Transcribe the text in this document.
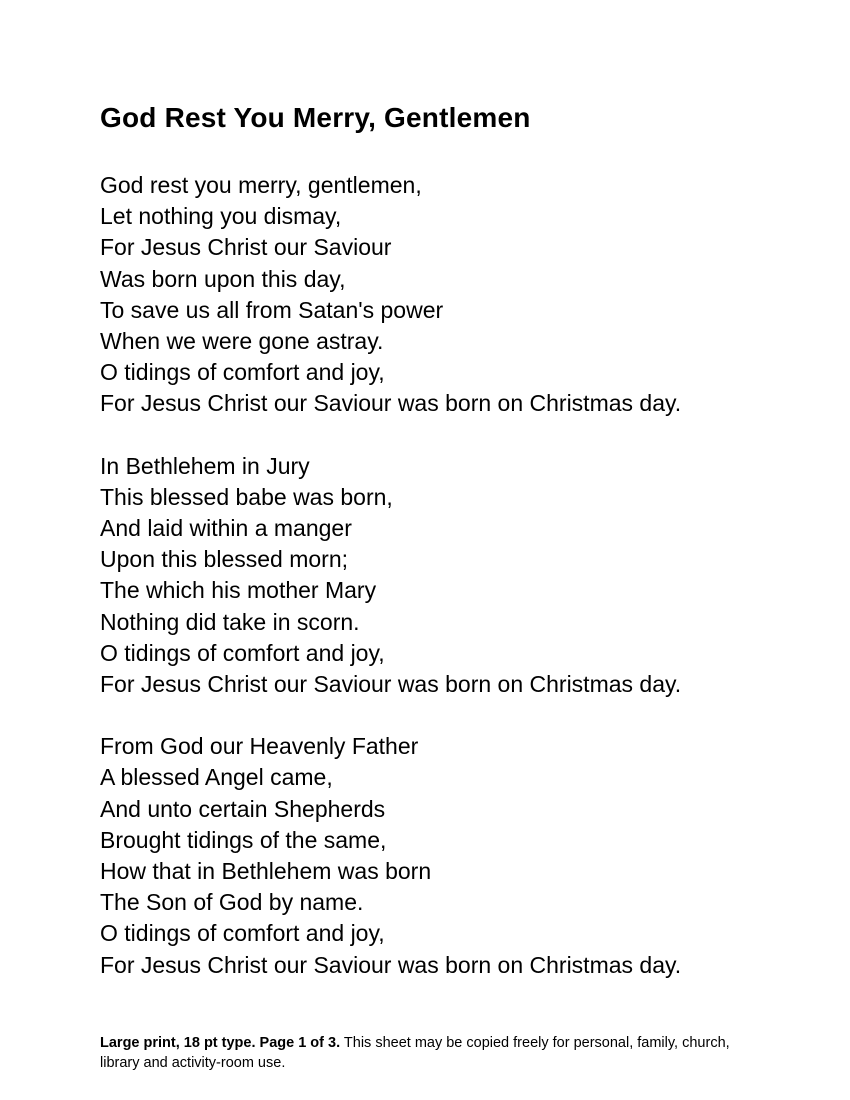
God Rest You Merry, Gentlemen
God rest you merry, gentlemen,
Let nothing you dismay,
For Jesus Christ our Saviour
Was born upon this day,
To save us all from Satan's power
When we were gone astray.
O tidings of comfort and joy,
For Jesus Christ our Saviour was born on Christmas day.
In Bethlehem in Jury
This blessed babe was born,
And laid within a manger
Upon this blessed morn;
The which his mother Mary
Nothing did take in scorn.
O tidings of comfort and joy,
For Jesus Christ our Saviour was born on Christmas day.
From God our Heavenly Father
A blessed Angel came,
And unto certain Shepherds
Brought tidings of the same,
How that in Bethlehem was born
The Son of God by name.
O tidings of comfort and joy,
For Jesus Christ our Saviour was born on Christmas day.
Large print, 18 pt type. Page 1 of 3. This sheet may be copied freely for personal, family, church, library and activity-room use.
